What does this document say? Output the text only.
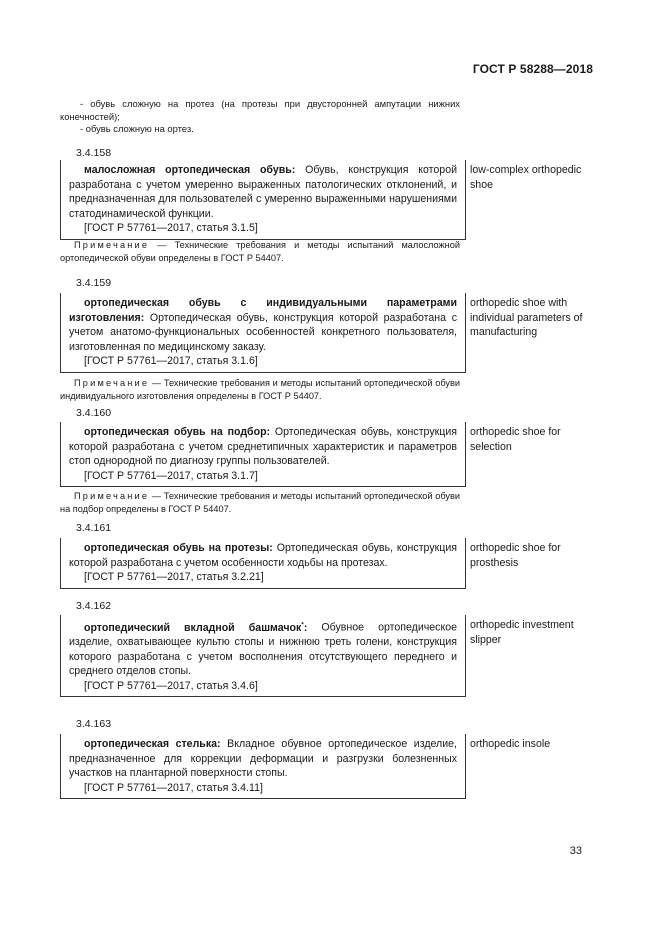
ГОСТ Р 58288—2018

- обувь сложную на протез (на протезы при двусторонней ампутации нижних конечностей);

- обувь сложную на ортез.

3.4.158

малосложная ортопедическая обувь: Обувь, конструкция которой разработана с учетом умеренно выраженных патологических отклонений, и предназначенная для пользователей с умеренно выраженными нарушениями статодинамической функции.

[ГОСТ Р 57761—2017, статья 3.1.5]

low-complex orthopedic shoe

Примечание — Технические требования и методы испытаний малосложной ортопедической обуви определены в ГОСТ Р 54407.

3.4.159

ортопедическая обувь с индивидуальными параметрами изготовления: Ортопедическая обувь, конструкция которой разработана с учетом анатомо-функциональных особенностей конкретного пользователя, изготовленная по медицинскому заказу.

[ГОСТ Р 57761—2017, статья 3.1.6]

orthopedic shoe with individual parameters of manufacturing

Примечание — Технические требования и методы испытаний ортопедической обуви индивидуального изготовления определены в ГОСТ Р 54407.

3.4.160

ортопедическая обувь на подбор: Ортопедическая обувь, конструкция которой разработана с учетом среднетипичных характеристик и параметров стоп однородной по диагнозу группы пользователей.

[ГОСТ Р 57761—2017, статья 3.1.7]

orthopedic shoe for selection

Примечание — Технические требования и методы испытаний ортопедической обуви на подбор определены в ГОСТ Р 54407.

3.4.161

ортопедическая обувь на протезы: Ортопедическая обувь, конструкция которой разработана с учетом особенности ходьбы на протезах.

[ГОСТ Р 57761—2017, статья 3.2.21]

orthopedic shoe for prosthesis
3.4.162

ортопедический вкладной башмачок*: Обувное ортопедическое изделие, охватывающее культю стопы и нижнюю треть голени, конструкция которого разработана с учетом восполнения отсутствующего переднего и среднего отделов стопы.

[ГОСТ Р 57761—2017, статья 3.4.6]

orthopedic investment slipper
3.4.163

ортопедическая стелька: Вкладное обувное ортопедическое изделие, предназначенное для коррекции деформации и разгрузки болезненных участков на плантарной поверхности стопы.

[ГОСТ Р 57761—2017, статья 3.4.11]

orthopedic insole
33
